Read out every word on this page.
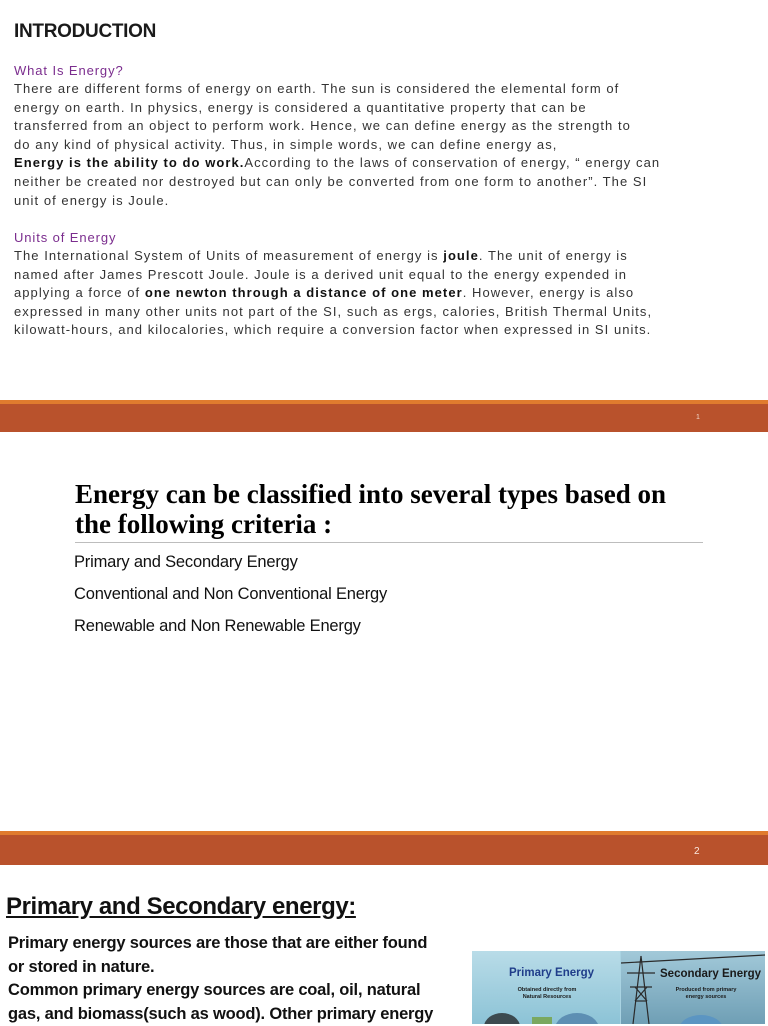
INTRODUCTION
What Is Energy?
There are different forms of energy on earth. The sun is considered the elemental form of
energy on earth. In physics, energy is considered a quantitative property that can be
transferred from an object to perform work. Hence, we can define energy as the strength to
do any kind of physical activity. Thus, in simple words, we can define energy as,
Energy is the ability to do work.According to the laws of conservation of energy, “ energy can
neither be created nor destroyed but can only be converted from one form to another”. The SI
unit of energy is Joule.
Units of Energy
The International System of Units of measurement of energy is joule. The unit of energy is
named after James Prescott Joule. Joule is a derived unit equal to the energy expended in
applying a force of one newton through a distance of one meter. However, energy is also
expressed in many other units not part of the SI, such as ergs, calories, British Thermal Units,
kilowatt-hours, and kilocalories, which require a conversion factor when expressed in SI units.
1
Energy can be classified into several types based on the following criteria :
Primary and Secondary Energy
Conventional and Non Conventional Energy
Renewable and Non Renewable Energy
2
Primary and Secondary energy:
Primary energy sources are those that are either found
or stored in nature.
Common primary energy sources are coal, oil, natural
gas, and biomass(such as wood). Other primary energy
Primary Energy
Obtained directly from Natural Resources
Secondary Energy
Produced from primary energy sources
